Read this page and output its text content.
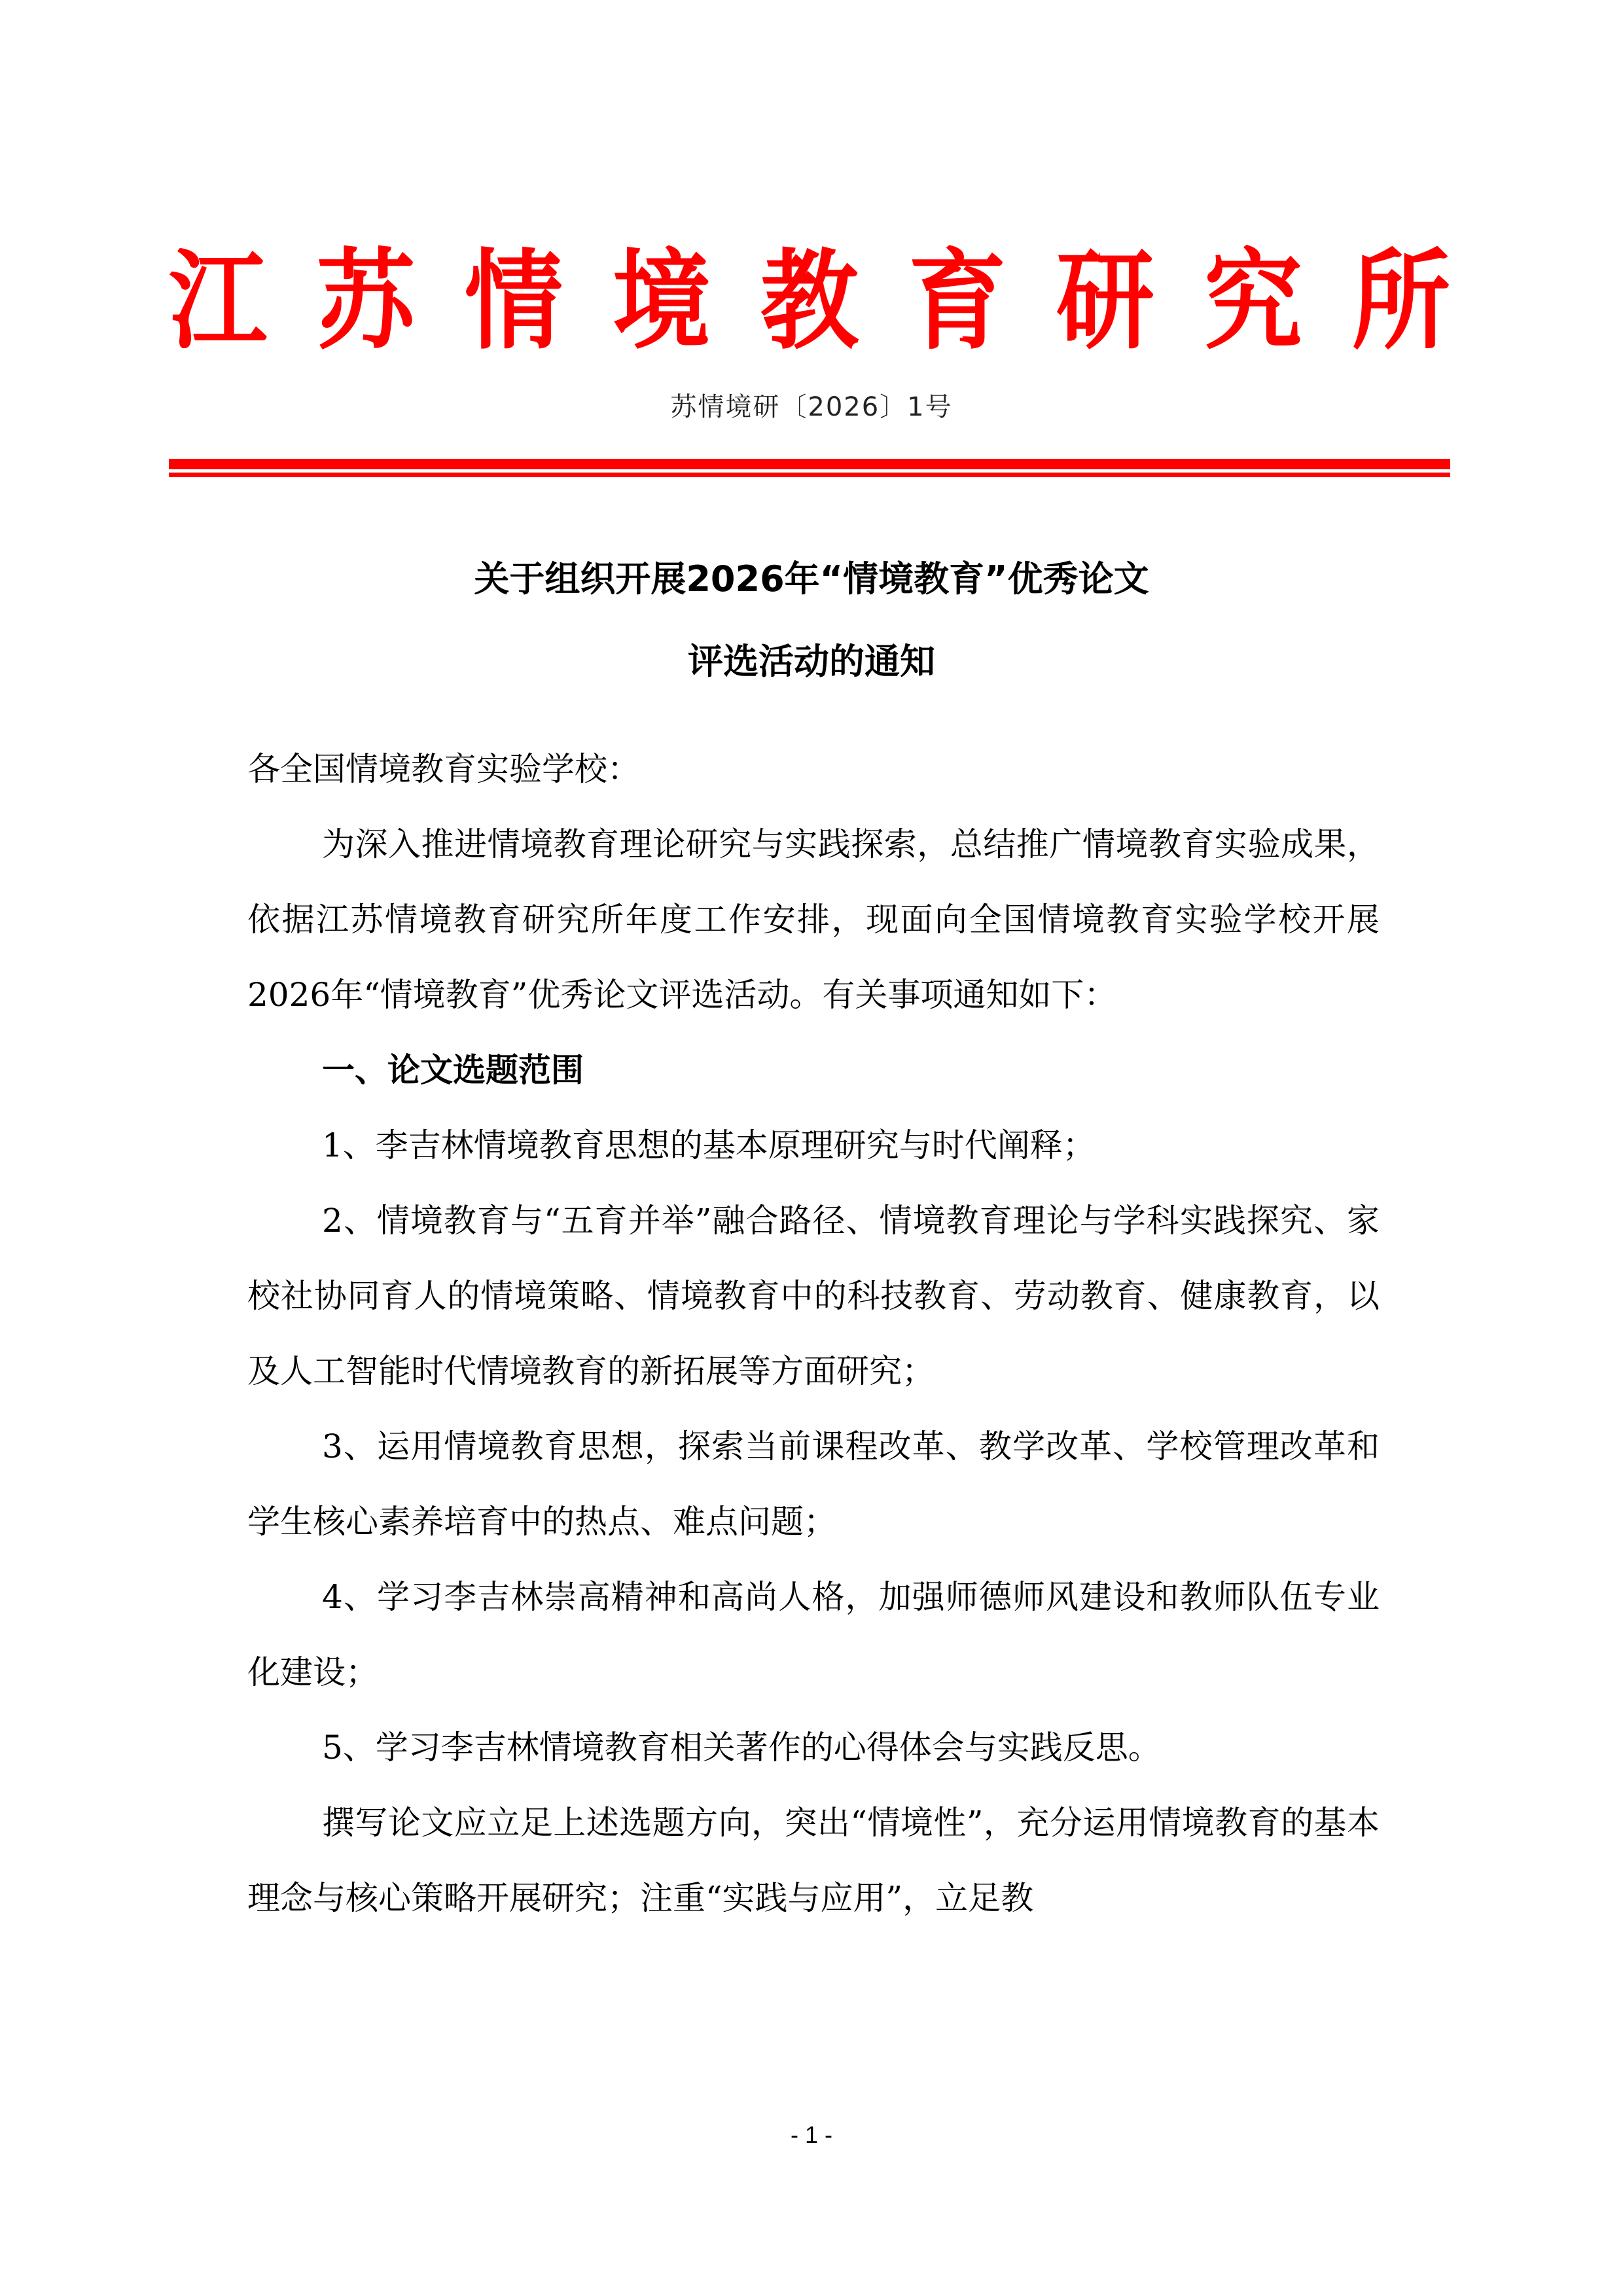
江 苏 情 境 教 育 研 究 所
苏情境研〔2026〕1号
关于组织开展2026年“情境教育”优秀论文
评选活动的通知

各全国情境教育实验学校：

为深入推进情境教育理论研究与实践探索，总结推广情境教育实验成果，依据江苏情境教育研究所年度工作安排，现面向全国情境教育实验学校开展2026年“情境教育”优秀论文评选活动。有关事项通知如下：

一、论文选题范围

1、李吉林情境教育思想的基本原理研究与时代阐释；

2、情境教育与“五育并举”融合路径、情境教育理论与学科实践探究、家校社协同育人的情境策略、情境教育中的科技教育、劳动教育、健康教育，以及人工智能时代情境教育的新拓展等方面研究；

3、运用情境教育思想，探索当前课程改革、教学改革、学校管理改革和学生核心素养培育中的热点、难点问题；

4、学习李吉林崇高精神和高尚人格，加强师德师风建设和教师队伍专业化建设；

5、学习李吉林情境教育相关著作的心得体会与实践反思。

撰写论文应立足上述选题方向，突出“情境性”，充分运用情境教育的基本理念与核心策略开展研究；注重“实践与应用”，立足教

- 1 -
